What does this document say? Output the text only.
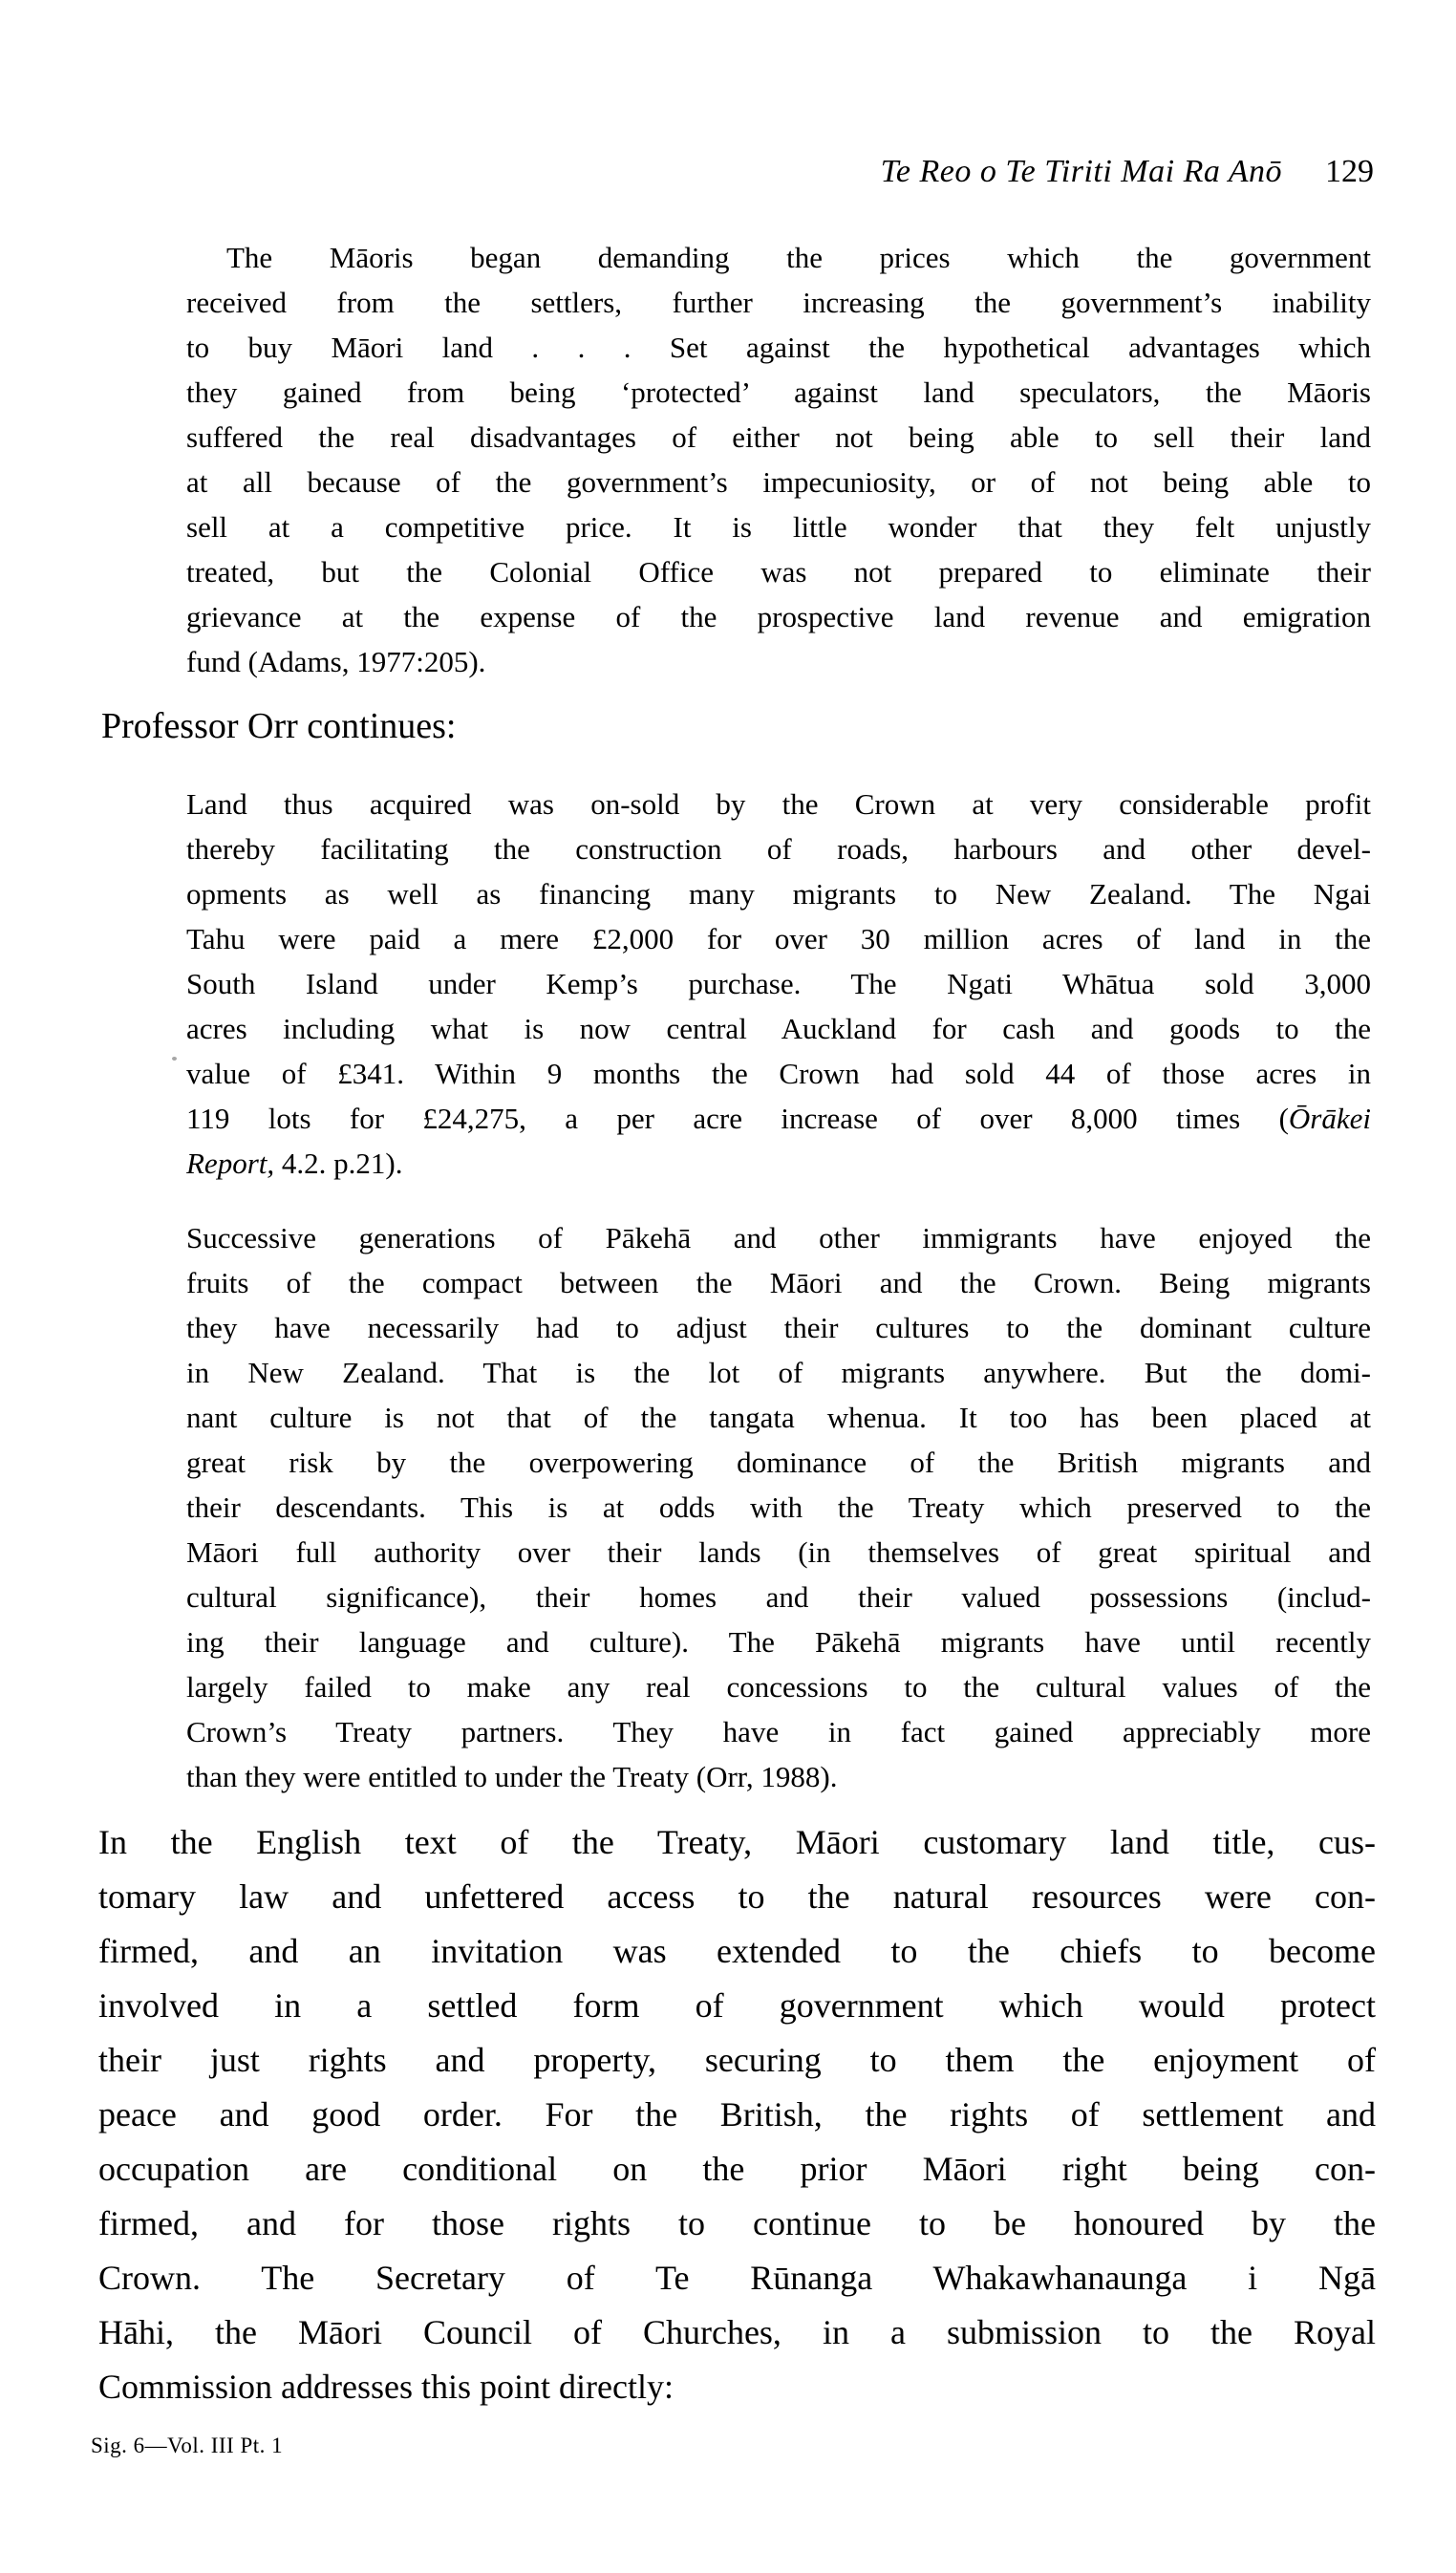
Te Reo o Te Tiriti Mai Ra Anō 129
The Māoris began demanding the prices which the government
received from the settlers, further increasing the government’s inability
to buy Māori land . . . Set against the hypothetical advantages which
they gained from being ‘protected’ against land speculators, the Māoris
suffered the real disadvantages of either not being able to sell their land
at all because of the government’s impecuniosity, or of not being able to
sell at a competitive price. It is little wonder that they felt unjustly
treated, but the Colonial Office was not prepared to eliminate their
grievance at the expense of the prospective land revenue and emigration
fund (Adams, 1977:205).
Professor Orr continues:
Land thus acquired was on-sold by the Crown at very considerable profit
thereby facilitating the construction of roads, harbours and other devel-
opments as well as financing many migrants to New Zealand. The Ngai
Tahu were paid a mere £2,000 for over 30 million acres of land in the
South Island under Kemp’s purchase. The Ngati Whātua sold 3,000
acres including what is now central Auckland for cash and goods to the
value of £341. Within 9 months the Crown had sold 44 of those acres in
119 lots for £24,275, a per acre increase of over 8,000 times (Ōrākei
Report, 4.2. p.21).
Successive generations of Pākehā and other immigrants have enjoyed the
fruits of the compact between the Māori and the Crown. Being migrants
they have necessarily had to adjust their cultures to the dominant culture
in New Zealand. That is the lot of migrants anywhere. But the domi-
nant culture is not that of the tangata whenua. It too has been placed at
great risk by the overpowering dominance of the British migrants and
their descendants. This is at odds with the Treaty which preserved to the
Māori full authority over their lands (in themselves of great spiritual and
cultural significance), their homes and their valued possessions (includ-
ing their language and culture). The Pākehā migrants have until recently
largely failed to make any real concessions to the cultural values of the
Crown’s Treaty partners. They have in fact gained appreciably more
than they were entitled to under the Treaty (Orr, 1988).
In the English text of the Treaty, Māori customary land title, cus-
tomary law and unfettered access to the natural resources were con-
firmed, and an invitation was extended to the chiefs to become
involved in a settled form of government which would protect
their just rights and property, securing to them the enjoyment of
peace and good order. For the British, the rights of settlement and
occupation are conditional on the prior Māori right being con-
firmed, and for those rights to continue to be honoured by the
Crown. The Secretary of Te Rūnanga Whakawhanaunga i Ngā
Hāhi, the Māori Council of Churches, in a submission to the Royal
Commission addresses this point directly:
Sig. 6—Vol. III Pt. 1
